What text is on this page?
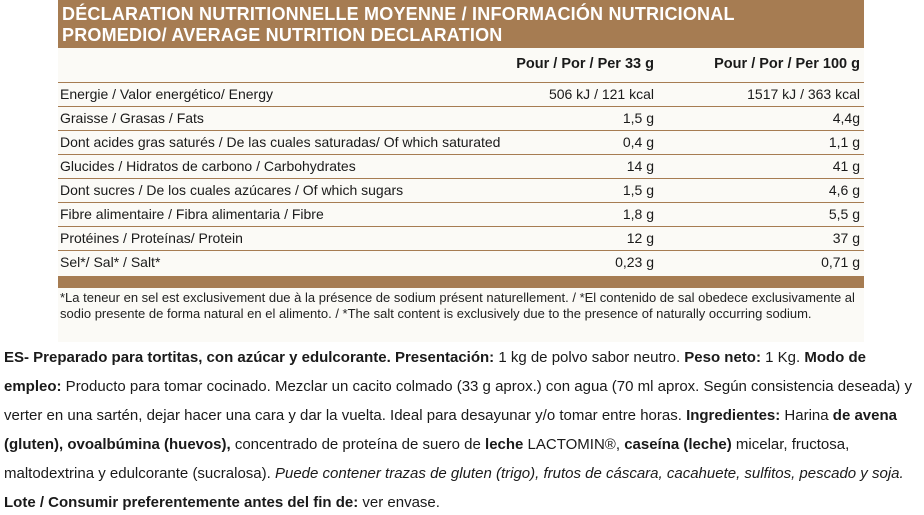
DÉCLARATION NUTRITIONNELLE MOYENNE / INFORMACIÓN NUTRICIONAL
PROMEDIO/ AVERAGE NUTRITION DECLARATION
Pour / Por / Per 33 g	Pour / Por / Per 100 g
Energie / Valor energético/ Energy	506 kJ / 121 kcal	1517 kJ / 363 kcal
Graisse / Grasas / Fats	1,5 g	4,4g
Dont acides gras saturés / De las cuales saturadas/ Of which saturated	0,4 g	1,1 g
Glucides / Hidratos de carbono / Carbohydrates	14 g	41 g
Dont sucres / De los cuales azúcares / Of which sugars	1,5 g	4,6 g
Fibre alimentaire / Fibra alimentaria / Fibre	1,8 g	5,5 g
Protéines / Proteínas/ Protein	12 g	37 g
Sel*/ Sal* / Salt*	0,23 g	0,71 g
*La teneur en sel est exclusivement due à la présence de sodium présent naturellement. / *El contenido de sal obedece exclusivamente al sodio presente de forma natural en el alimento. / *The salt content is exclusively due to the presence of naturally occurring sodium.
ES- Preparado para tortitas, con azúcar y edulcorante. Presentación: 1 kg de polvo sabor neutro. Peso neto: 1 Kg. Modo de empleo: Producto para tomar cocinado. Mezclar un cacito colmado (33 g aprox.) con agua (70 ml aprox. Según consistencia deseada) y verter en una sartén, dejar hacer una cara y dar la vuelta. Ideal para desayunar y/o tomar entre horas. Ingredientes: Harina de avena (gluten), ovoalbúmina (huevos), concentrado de proteína de suero de leche LACTOMIN®, caseína (leche) micelar, fructosa, maltodextrina y edulcorante (sucralosa). Puede contener trazas de gluten (trigo), frutos de cáscara, cacahuete, sulfitos, pescado y soja. Lote / Consumir preferentemente antes del fin de: ver envase.
